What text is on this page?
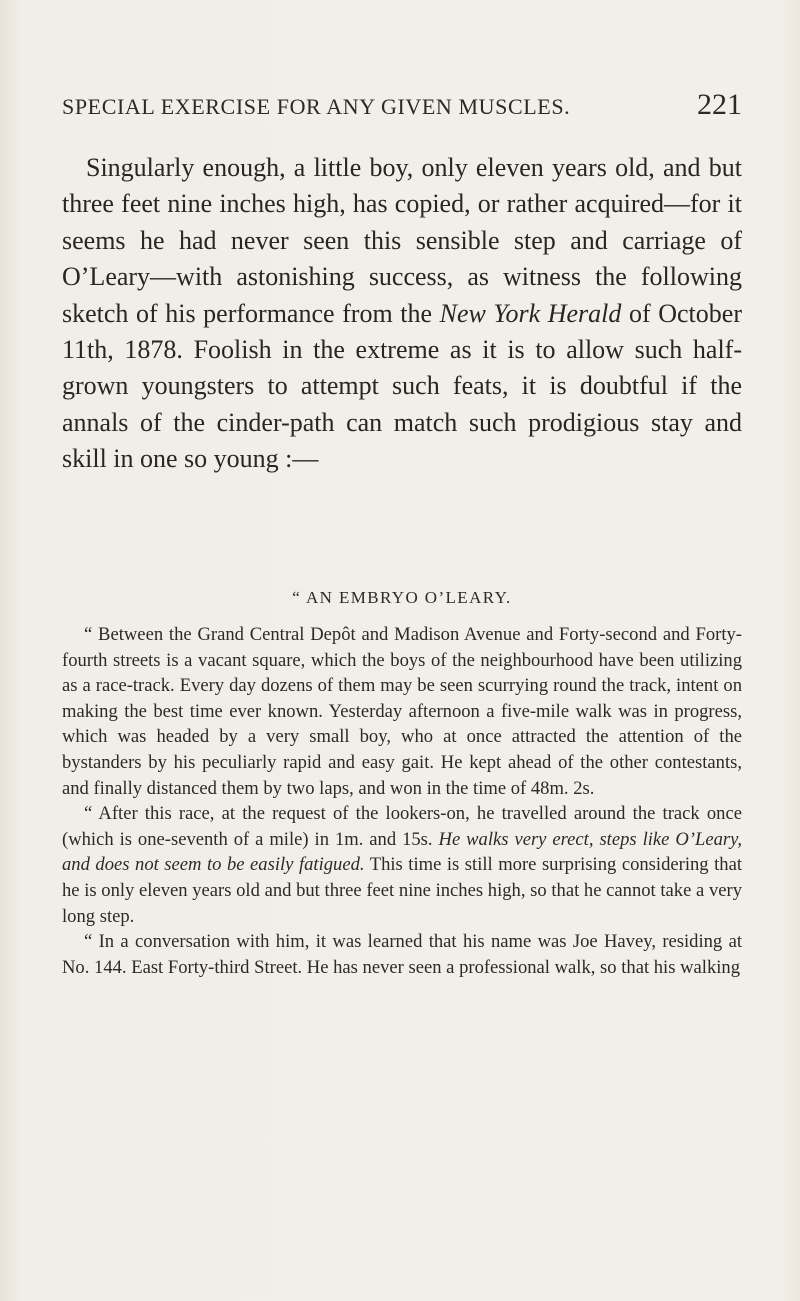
SPECIAL EXERCISE FOR ANY GIVEN MUSCLES.	221

Singularly enough, a little boy, only eleven years old, and but three feet nine inches high, has copied, or rather acquired—for it seems he had never seen this sensible step and carriage of O’Leary—with astonishing success, as witness the following sketch of his performance from the New York Herald of October 11th, 1878. Foolish in the extreme as it is to allow such half-grown youngsters to attempt such feats, it is doubtful if the annals of the cinder-path can match such prodigious stay and skill in one so young :—

“ AN EMBRYO O’LEARY.

“ Between the Grand Central Depôt and Madison Avenue and Forty-second and Forty-fourth streets is a vacant square, which the boys of the neighbourhood have been utilizing as a race-track. Every day dozens of them may be seen scurrying round the track, intent on making the best time ever known. Yesterday afternoon a five-mile walk was in progress, which was headed by a very small boy, who at once attracted the attention of the bystanders by his peculiarly rapid and easy gait. He kept ahead of the other contestants, and finally distanced them by two laps, and won in the time of 48m. 2s.

“ After this race, at the request of the lookers-on, he travelled around the track once (which is one-seventh of a mile) in 1m. and 15s. He walks very erect, steps like O’Leary, and does not seem to be easily fatigued. This time is still more surprising considering that he is only eleven years old and but three feet nine inches high, so that he cannot take a very long step.

“ In a conversation with him, it was learned that his name was Joe Havey, residing at No. 144. East Forty-third Street. He has never seen a professional walk, so that his walking
